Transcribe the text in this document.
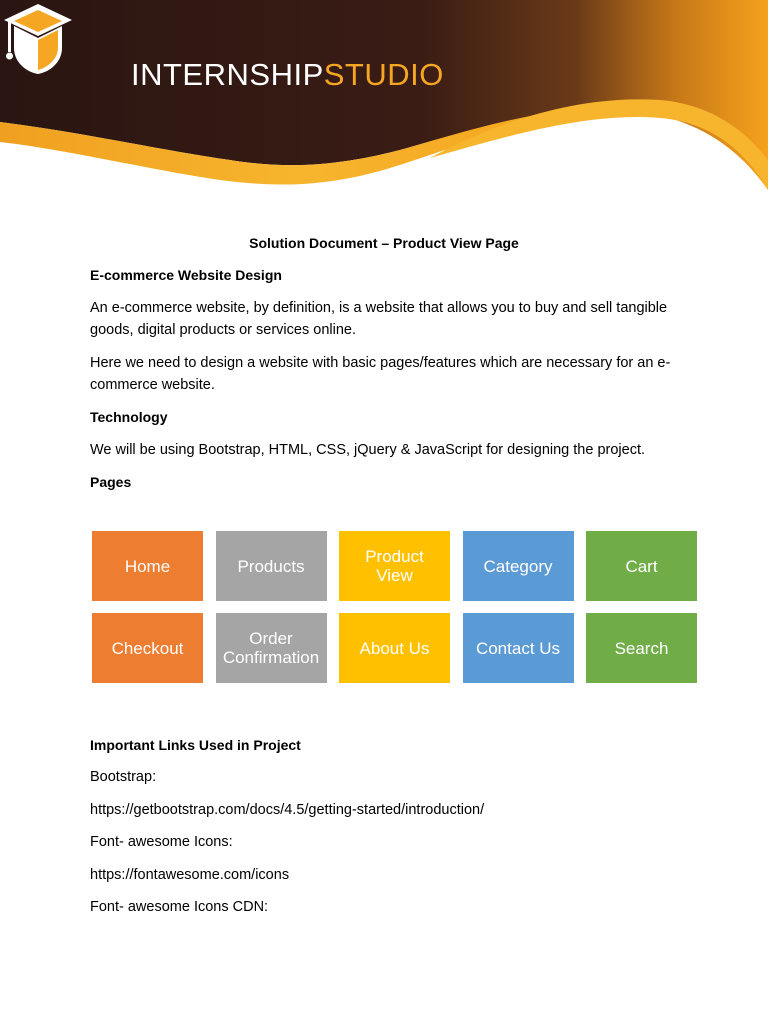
INTERNSHIPSTUDIO
Solution Document – Product View Page
E-commerce Website Design
An e-commerce website, by definition, is a website that allows you to buy and sell tangible goods, digital products or services online.
Here we need to design a website with basic pages/features which are necessary for an e-commerce website.
Technology
We will be using Bootstrap, HTML, CSS, jQuery & JavaScript for designing the project.
Pages
Home	Products	Product
View	Category	Cart
Checkout	Order
Confirmation	About Us	Contact Us	Search
Important Links Used in Project
Bootstrap:
https://getbootstrap.com/docs/4.5/getting-started/introduction/
Font- awesome Icons:
https://fontawesome.com/icons
Font- awesome Icons CDN:
